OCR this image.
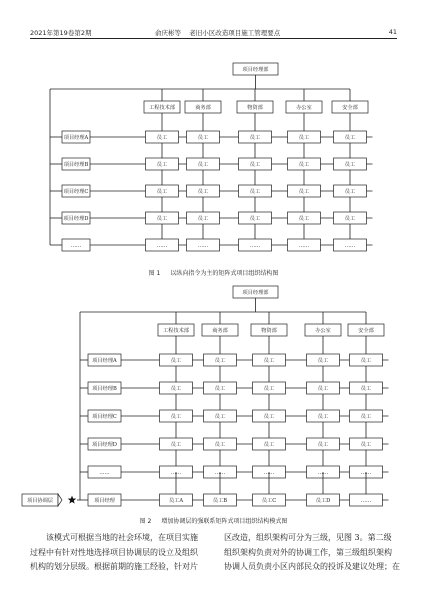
2021年第19卷第2期	俞庆彬等 老旧小区改造项目施工管理要点	41
项目经理部
工程技术部	商务部	物资部	办公室	安全部
项目经理A	员工	员工	员工	员工	员工
项目经理B	员工	员工	员工	员工	员工
项目经理C	员工	员工	员工	员工	员工
项目经理D	员工	员工	员工	员工	员工
……	……	……	……	……	……
图 1 以纵向指令为主的矩阵式项目组织结构图
项目经理部
工程技术部	商务部	物资部	办公室	安全部
项目经理A	员工	员工	员工	员工	员工
项目经理B	员工	员工	员工	员工	员工
项目经理C	员工	员工	员工	员工	员工
项目经理D	员工	员工	员工	员工	员工
……	……	……	……	……	……
项目协调层	项目经理	员工A	员工B	员工C	员工D	……
图 2 增加协调层的强联系矩阵式项目组织结构模式图
该模式可根据当地的社会环境，在项目实施
过程中有针对性地选择项目协调层的设立及组织
机构的划分层级。根据前期的施工经验，针对片
区改造，组织架构可分为三级，见图 3。第二级
组织架构负责对外的协调工作，第三级组织架构
协调人员负责小区内部民众的投诉及建议处理；在
